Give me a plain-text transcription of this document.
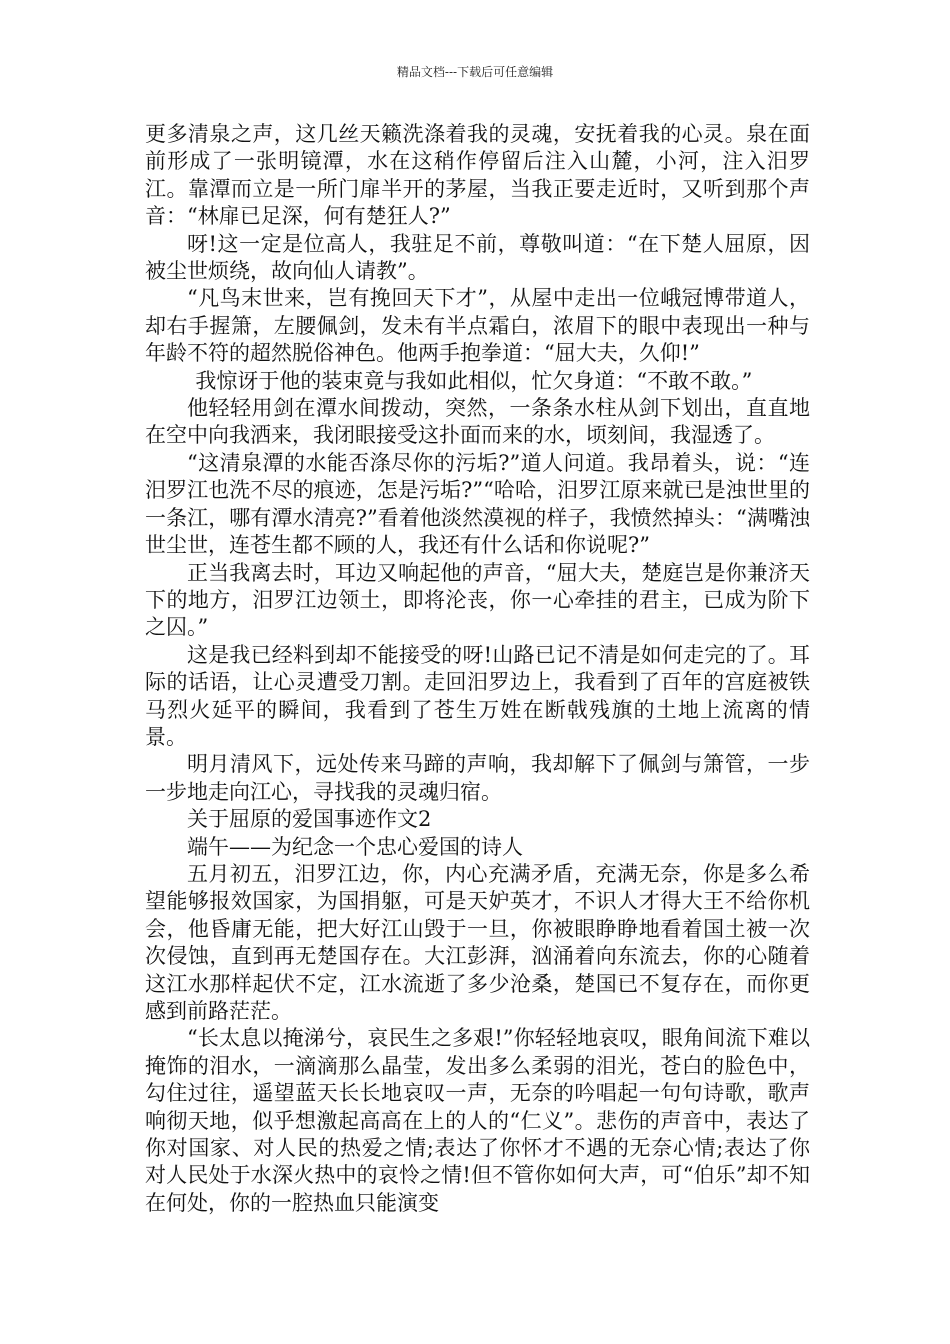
精品文档---下载后可任意编辑

更多清泉之声，这几丝天籁洗涤着我的灵魂，安抚着我的心灵。泉在面前形成了一张明镜潭，水在这稍作停留后注入山麓，小河，注入汨罗江。靠潭而立是一所门扉半开的茅屋，当我正要走近时，又听到那个声音：“林扉已足深，何有楚狂人?”

呀!这一定是位高人，我驻足不前，尊敬叫道：“在下楚人屈原，因被尘世烦绕，故向仙人请教”。

“凡鸟末世来，岂有挽回天下才”，从屋中走出一位峨冠博带道人，却右手握箫，左腰佩剑，发未有半点霜白，浓眉下的眼中表现出一种与年龄不符的超然脱俗神色。他两手抱拳道：“屈大夫，久仰!”

我惊讶于他的装束竟与我如此相似，忙欠身道：“不敢不敢。”

他轻轻用剑在潭水间拨动，突然，一条条水柱从剑下划出，直直地在空中向我洒来，我闭眼接受这扑面而来的水，顷刻间，我湿透了。

“这清泉潭的水能否涤尽你的污垢?”道人问道。我昂着头，说：“连汨罗江也洗不尽的痕迹，怎是污垢?”“哈哈，汨罗江原来就已是浊世里的一条江，哪有潭水清亮?”看着他淡然漠视的样子，我愤然掉头：“满嘴浊世尘世，连苍生都不顾的人，我还有什么话和你说呢?”

正当我离去时，耳边又响起他的声音，“屈大夫，楚庭岂是你兼济天下的地方，汨罗江边领土，即将沦丧，你一心牵挂的君主，已成为阶下之囚。”

这是我已经料到却不能接受的呀!山路已记不清是如何走完的了。耳际的话语，让心灵遭受刀割。走回汨罗边上，我看到了百年的宫庭被铁马烈火延平的瞬间，我看到了苍生万姓在断戟残旗的土地上流离的情景。

明月清风下，远处传来马蹄的声响，我却解下了佩剑与箫管，一步一步地走向江心，寻找我的灵魂归宿。

关于屈原的爱国事迹作文2

端午——为纪念一个忠心爱国的诗人

五月初五，汨罗江边，你，内心充满矛盾，充满无奈，你是多么希望能够报效国家，为国捐躯，可是天妒英才，不识人才得大王不给你机会，他昏庸无能，把大好江山毁于一旦，你被眼睁睁地看着国土被一次次侵蚀，直到再无楚国存在。大江彭湃，汹涌着向东流去，你的心随着这江水那样起伏不定，江水流逝了多少沧桑，楚国已不复存在，而你更感到前路茫茫。

“长太息以掩涕兮，哀民生之多艰!”你轻轻地哀叹，眼角间流下难以掩饰的泪水，一滴滴那么晶莹，发出多么柔弱的泪光，苍白的脸色中，勾住过往，遥望蓝天长长地哀叹一声，无奈的吟唱起一句句诗歌，歌声响彻天地，似乎想激起高高在上的人的“仁义”。悲伤的声音中，表达了你对国家、对人民的热爱之情;表达了你怀才不遇的无奈心情;表达了你对人民处于水深火热中的哀怜之情!但不管你如何大声，可“伯乐”却不知在何处，你的一腔热血只能演变
